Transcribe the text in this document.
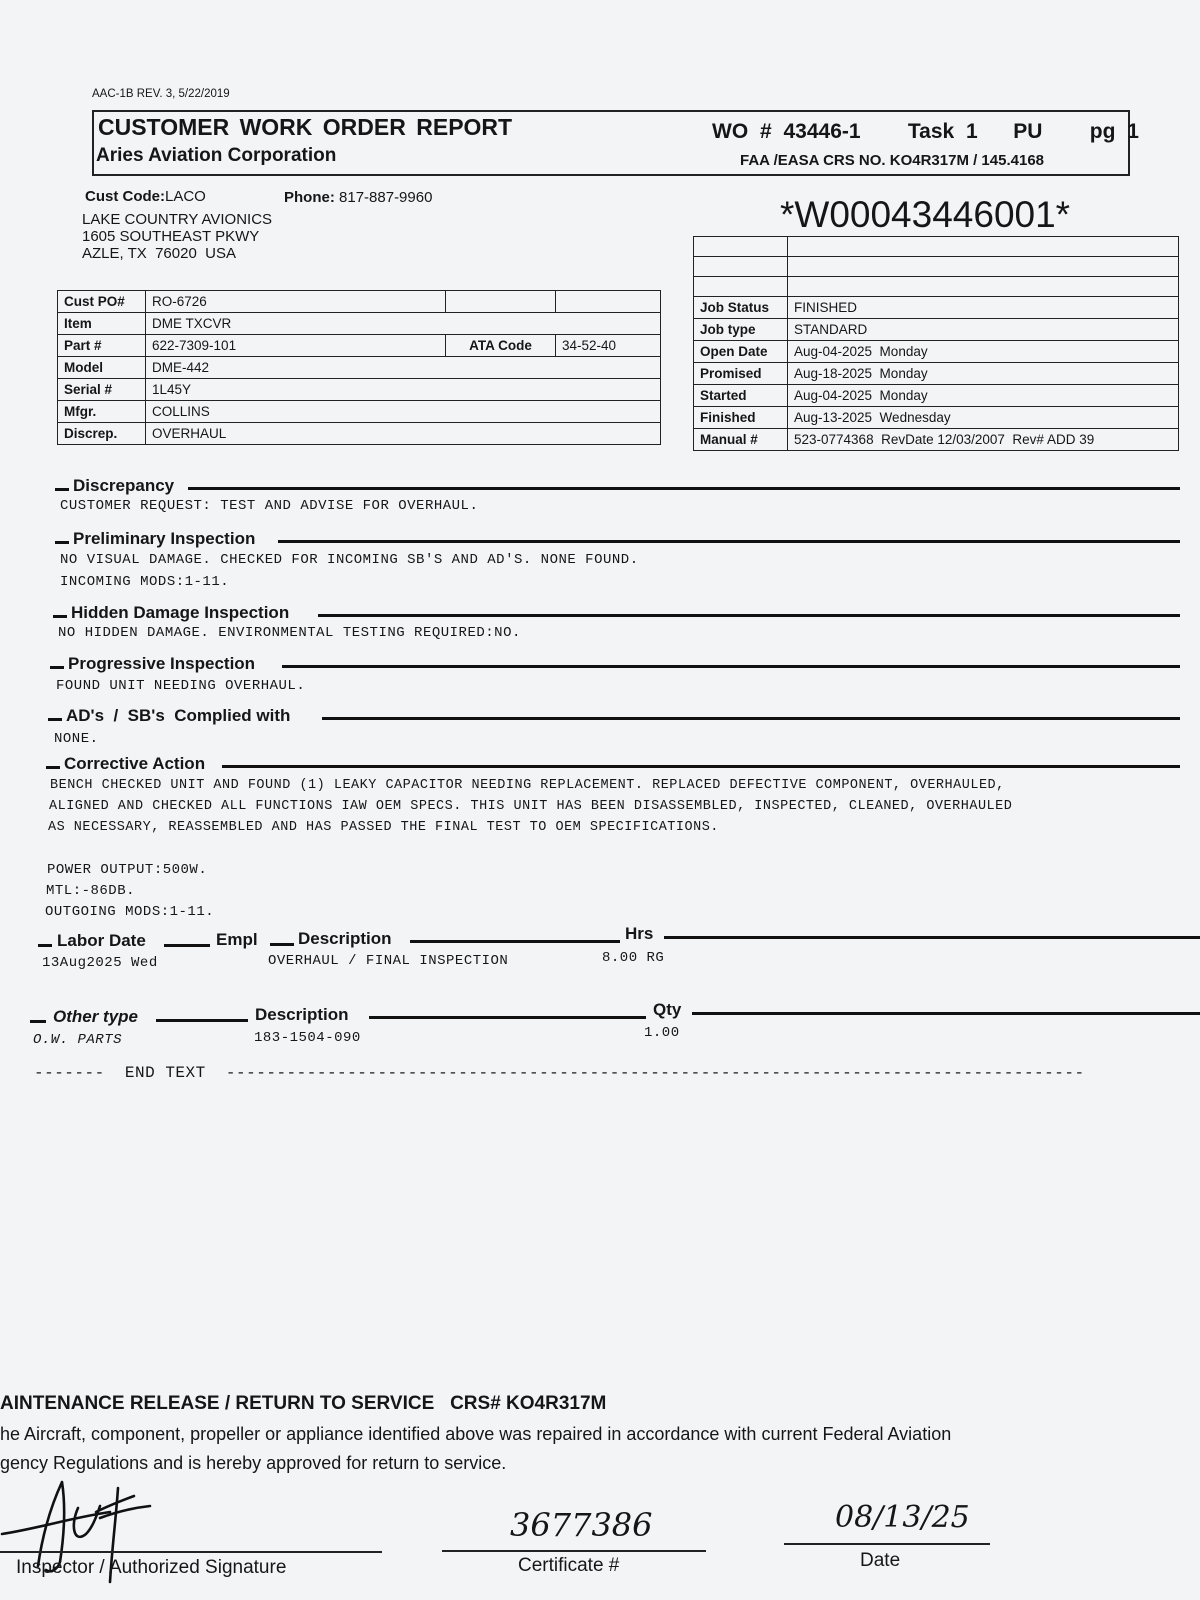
AAC-1B REV. 3, 5/22/2019
CUSTOMER WORK ORDER REPORT
Aries Aviation Corporation
WO # 43446-1    Task 1   PU    pg 1
FAA /EASA CRS NO. KO4R317M / 145.4168
Cust Code:LACO	Phone: 817-887-9960
LAKE COUNTRY AVIONICS
1605 SOUTHEAST PKWY
AZLE, TX  76020  USA
*W00043446001*
Cust PO#	RO-6726		
Item	DME TXCVR		
Part #	622-7309-101	ATA Code	34-52-40
Model	DME-442		
Serial #	1L45Y		
Mfgr.	COLLINS		
Discrep.	OVERHAUL		

Job Status	FINISHED
Job type	STANDARD
Open Date	Aug-04-2025  Monday
Promised	Aug-18-2025  Monday
Started	Aug-04-2025  Monday
Finished	Aug-13-2025  Wednesday
Manual #	523-0774368  RevDate 12/03/2007  Rev# ADD 39
Discrepancy
CUSTOMER REQUEST: TEST AND ADVISE FOR OVERHAUL.
Preliminary Inspection
NO VISUAL DAMAGE. CHECKED FOR INCOMING SB'S AND AD'S. NONE FOUND.
INCOMING MODS:1-11.
Hidden Damage Inspection
NO HIDDEN DAMAGE. ENVIRONMENTAL TESTING REQUIRED:NO.
Progressive Inspection
FOUND UNIT NEEDING OVERHAUL.
AD's  /  SB's  Complied with
NONE.
Corrective Action
BENCH CHECKED UNIT AND FOUND (1) LEAKY CAPACITOR NEEDING REPLACEMENT. REPLACED DEFECTIVE COMPONENT, OVERHAULED,
ALIGNED AND CHECKED ALL FUNCTIONS IAW OEM SPECS. THIS UNIT HAS BEEN DISASSEMBLED, INSPECTED, CLEANED, OVERHAULED
AS NECESSARY, REASSEMBLED AND HAS PASSED THE FINAL TEST TO OEM SPECIFICATIONS.
POWER OUTPUT:500W.
MTL:-86DB.
OUTGOING MODS:1-11.
Labor Date	Empl Description	Hrs
13Aug2025 Wed	OVERHAUL / FINAL INSPECTION	8.00 RG
Other type	Description	Qty
O.W. PARTS	183-1504-090	1.00
-------  END TEXT  -------------------------------------------------------------------------------------
AINTENANCE RELEASE / RETURN TO SERVICE   CRS# KO4R317M
he Aircraft, component, propeller or appliance identified above was repaired in accordance with current Federal Aviation
gency Regulations and is hereby approved for return to service.
Inspector / Authorized Signature
3677386
Certificate #
08/13/25
Date
